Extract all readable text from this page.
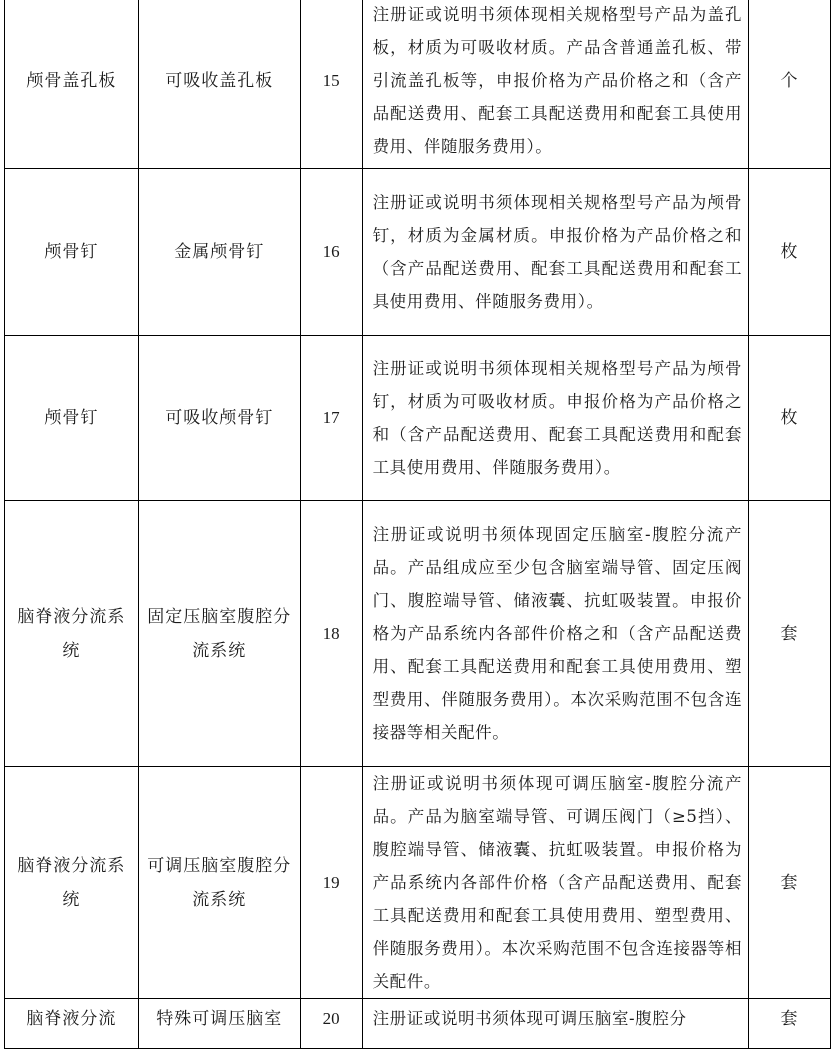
颅骨盖孔板	可吸收盖孔板	15	注册证或说明书须体现相关规格型号产品为盖孔板，材质为可吸收材质。产品含普通盖孔板、带引流盖孔板等，申报价格为产品价格之和（含产品配送费用、配套工具配送费用和配套工具使用费用、伴随服务费用）。	个
颅骨钉	金属颅骨钉	16	注册证或说明书须体现相关规格型号产品为颅骨钉，材质为金属材质。申报价格为产品价格之和（含产品配送费用、配套工具配送费用和配套工具使用费用、伴随服务费用）。	枚
颅骨钉	可吸收颅骨钉	17	注册证或说明书须体现相关规格型号产品为颅骨钉，材质为可吸收材质。申报价格为产品价格之和（含产品配送费用、配套工具配送费用和配套工具使用费用、伴随服务费用）。	枚
脑脊液分流系统	固定压脑室腹腔分流系统	18	注册证或说明书须体现固定压脑室-腹腔分流产品。产品组成应至少包含脑室端导管、固定压阀门、腹腔端导管、储液囊、抗虹吸装置。申报价格为产品系统内各部件价格之和（含产品配送费用、配套工具配送费用和配套工具使用费用、塑型费用、伴随服务费用）。本次采购范围不包含连接器等相关配件。	套
脑脊液分流系统	可调压脑室腹腔分流系统	19	注册证或说明书须体现可调压脑室-腹腔分流产品。产品为脑室端导管、可调压阀门（≥5挡）、腹腔端导管、储液囊、抗虹吸装置。申报价格为产品系统内各部件价格（含产品配送费用、配套工具配送费用和配套工具使用费用、塑型费用、伴随服务费用）。本次采购范围不包含连接器等相关配件。	套
脑脊液分流	特殊可调压脑室	20	注册证或说明书须体现可调压脑室-腹腔分	套
